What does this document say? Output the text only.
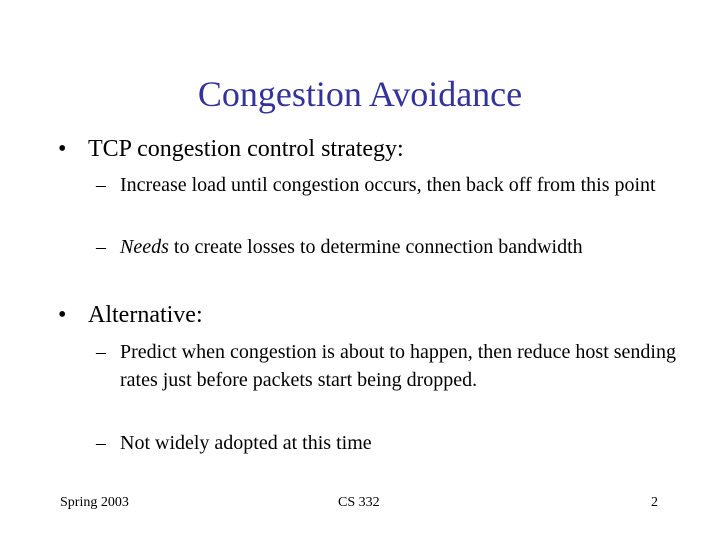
Congestion Avoidance
• TCP congestion control strategy:
– Increase load until congestion occurs, then back off from this point
– Needs to create losses to determine connection bandwidth
• Alternative:
– Predict when congestion is about to happen, then reduce host sending rates just before packets start being dropped.
– Not widely adopted at this time
Spring 2003	CS 332	2
